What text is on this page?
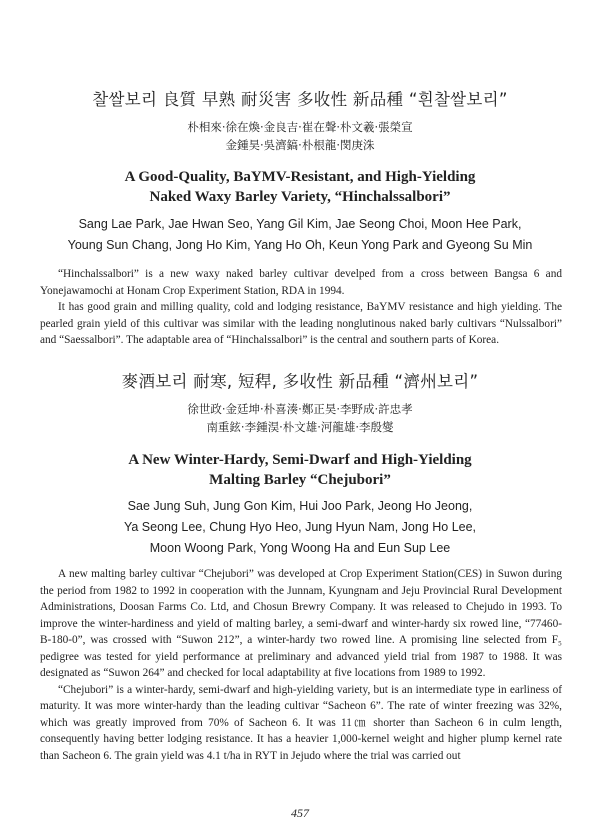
찰쌀보리 良質 早熟 耐災害 多收性 新品種 “흰찰쌀보리”
朴相來·徐在煥·金良吉·崔在聲·朴文羲·張榮宣
金鍾昊·吳濟鎬·朴根龍·閔庚洙
A Good-Quality, BaYMV-Resistant, and High-Yielding
Naked Waxy Barley Variety, “Hinchalssalbori”
Sang Lae Park, Jae Hwan Seo, Yang Gil Kim, Jae Seong Choi, Moon Hee Park,
Young Sun Chang, Jong Ho Kim, Yang Ho Oh, Keun Yong Park and Gyeong Su Min

“Hinchalssalbori” is a new waxy naked barley cultivar develped from a cross between Bangsa 6 and Yonejawamochi at Honam Crop Experiment Station, RDA in 1994.

It has good grain and milling quality, cold and lodging resistance, BaYMV resistance and high yielding. The pearled grain yield of this cultivar was similar with the leading nonglutinous naked barly cultivars “Nulssalbori” and “Saessalbori”. The adaptable area of “Hinchalssalbori” is the central and southern parts of Korea.

麥酒보리 耐寒, 短稈, 多收性 新品種 “濟州보리”
徐世政·金廷坤·朴喜湊·鄭正昊·李野成·許忠孝
南重鉉·李鍾淏·朴文雄·河龍雄·李殷燮
A New Winter-Hardy, Semi-Dwarf and High-Yielding
Malting Barley “Chejubori”
Sae Jung Suh, Jung Gon Kim, Hui Joo Park, Jeong Ho Jeong,
Ya Seong Lee, Chung Hyo Heo, Jung Hyun Nam, Jong Ho Lee,
Moon Woong Park, Yong Woong Ha and Eun Sup Lee

A new malting barley cultivar “Chejubori” was developed at Crop Experiment Station(CES) in Suwon during the period from 1982 to 1992 in cooperation with the Junnam, Kyungnam and Jeju Provincial Rural Development Administrations, Doosan Farms Co. Ltd, and Chosun Brewry Company. It was released to Chejudo in 1993. To improve the winter-hardiness and yield of malting barley, a semi-dwarf and winter-hardy six rowed line, “77460-B-180-0”, was crossed with “Suwon 212”, a winter-hardy two rowed line. A promising line selected from F₅ pedigree was tested for yield performance at preliminary and advanced yield trial from 1987 to 1988. It was designated as “Suwon 264” and checked for local adaptability at five locations from 1989 to 1992.

“Chejubori” is a winter-hardy, semi-dwarf and high-yielding variety, but is an intermediate type in earliness of maturity. It was more winter-hardy than the leading cultivar “Sacheon 6”. The rate of winter freezing was 32%, which was greatly improved from 70% of Sacheon 6. It was 11㎝ shorter than Sacheon 6 in culm length, consequently having better lodging resistance. It has a heavier 1,000-kernel weight and higher plump kernel rate than Sacheon 6. The grain yield was 4.1 t/ha in RYT in Jejudo where the trial was carried out

457
